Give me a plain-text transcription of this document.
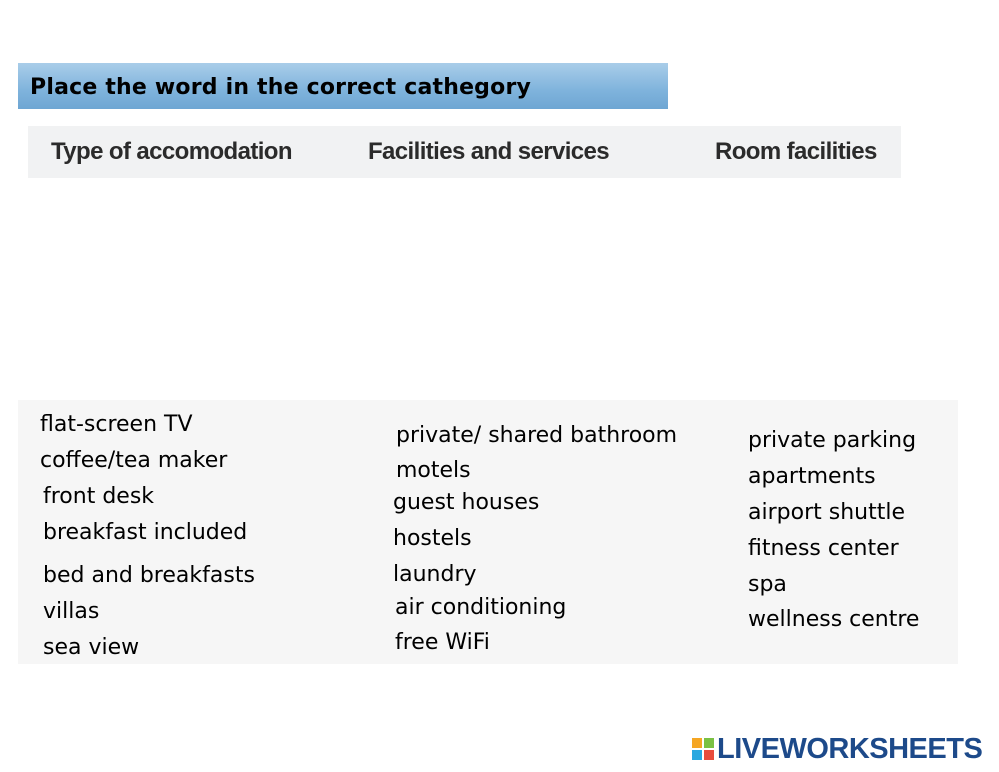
Place the word in the correct cathegory
Type of accomodation	Facilities and services	Room facilities
flat-screen TV
coffee/tea maker
front desk
breakfast included
bed and breakfasts
villas
sea view
private/ shared bathroom
motels
guest houses
hostels
laundry
air conditioning
free WiFi
private parking
apartments
airport shuttle
fitness center
spa
wellness centre
LIVEWORKSHEETS
